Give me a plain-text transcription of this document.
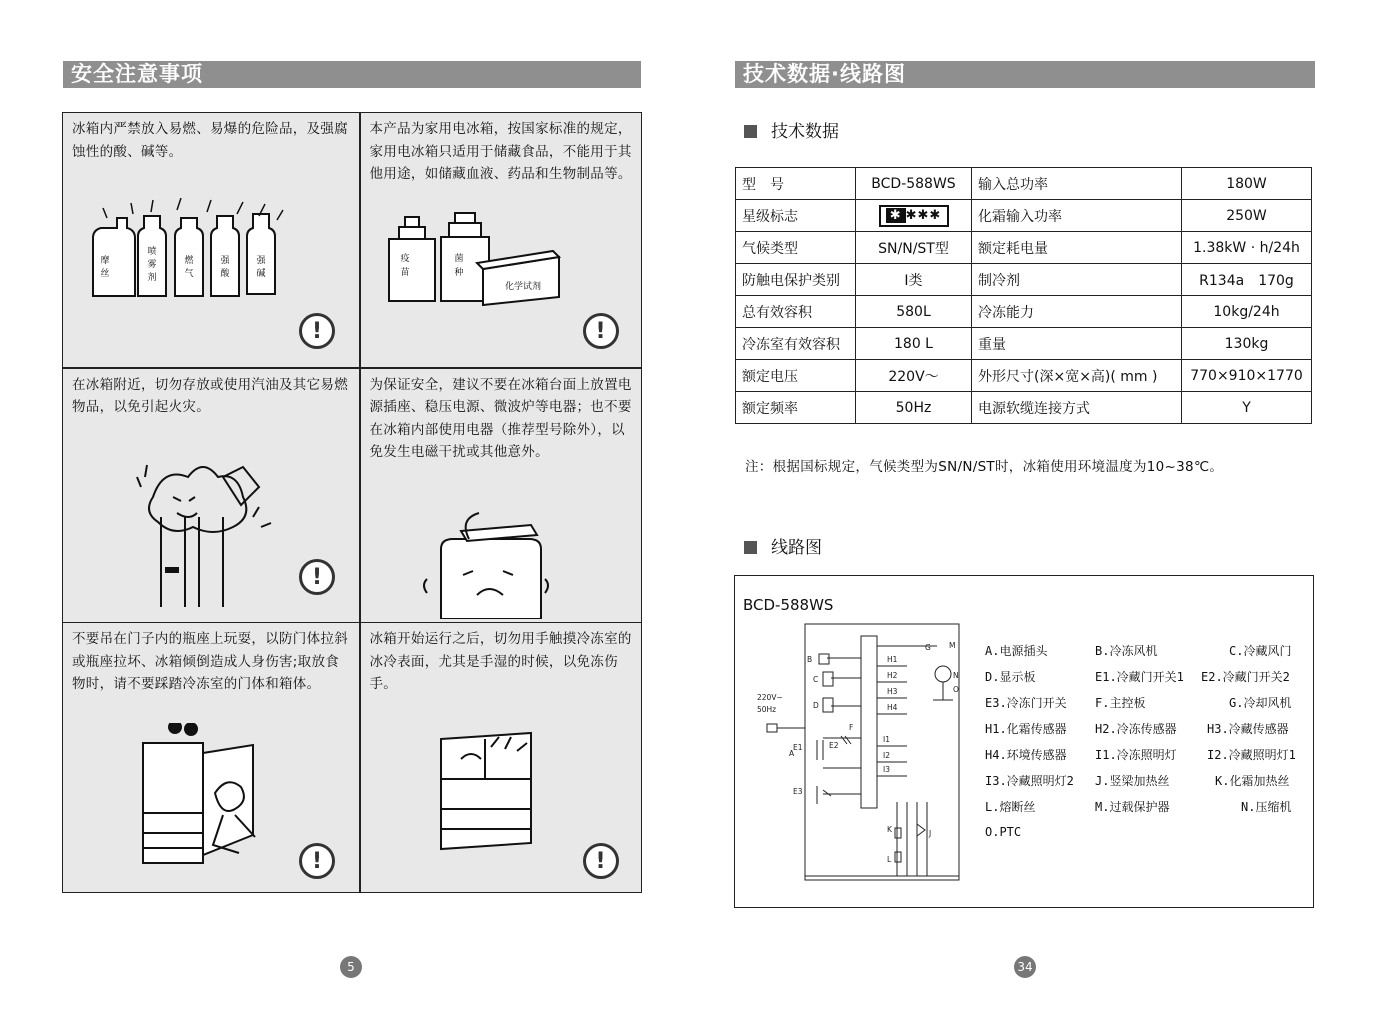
安全注意事项
冰箱内严禁放入易燃、易爆的危险品，及强腐蚀性的酸、碱等。
摩
丝
喷
雾
剂
燃
气
强
酸
强
碱
!
本产品为家用电冰箱，按国家标准的规定，家用电冰箱只适用于储藏食品，不能用于其他用途，如储藏血液、药品和生物制品等。
疫
苗
菌
种
化学试剂
!
在冰箱附近，切勿存放或使用汽油及其它易燃物品，以免引起火灾。
!
为保证安全，建议不要在冰箱台面上放置电源插座、稳压电源、微波炉等电器；也不要在冰箱内部使用电器（推荐型号除外），以免发生电磁干扰或其他意外。
!
不要吊在门子内的瓶座上玩耍，以防门体拉斜或瓶座拉坏、冰箱倾倒造成人身伤害;取放食物时，请不要踩踏冷冻室的门体和箱体。
!
冰箱开始运行之后，切勿用手触摸冷冻室的冰冷表面，尤其是手湿的时候，以免冻伤手。
!
5
技术数据·线路图
技术数据
型　号	BCD-588WS	输入总功率	180W
星级标志	✱ ✱✱✱	化霜输入功率	250W
气候类型	SN/N/ST型	额定耗电量	1.38kW · h/24h
防触电保护类别	Ⅰ类	制冷剂	R134a　170g
总有效容积	580L	冷冻能力	10kg/24h
冷冻室有效容积	180 L	重量	130kg
额定电压	220V～	外形尺寸(深×宽×高)( mm )	770×910×1770
额定频率	50Hz	电源软缆连接方式	Y
注：根据国标规定，气候类型为SN/N/ST时，冰箱使用环境温度为10~38℃。
线路图
BCD-588WS
220V~
50Hz
A
B
C
D
E1	E2
E3
F
G
H1
H2
H3
H4
I1
I2
I3
J
K
L
M
N
O
A.电源插头	B.冷冻风机	C.冷藏风门
D.显示板	E1.冷藏门开关1 E2.冷藏门开关2
E3.冷冻门开关 F.主控板	G.冷却风机
H1.化霜传感器 H2.冷冻传感器	H3.冷藏传感器
H4.环境传感器 I1.冷冻照明灯	I2.冷藏照明灯1
I3.冷藏照明灯2 J.竖梁加热丝	K.化霜加热丝
L.熔断丝	M.过载保护器	N.压缩机
O.PTC
34
